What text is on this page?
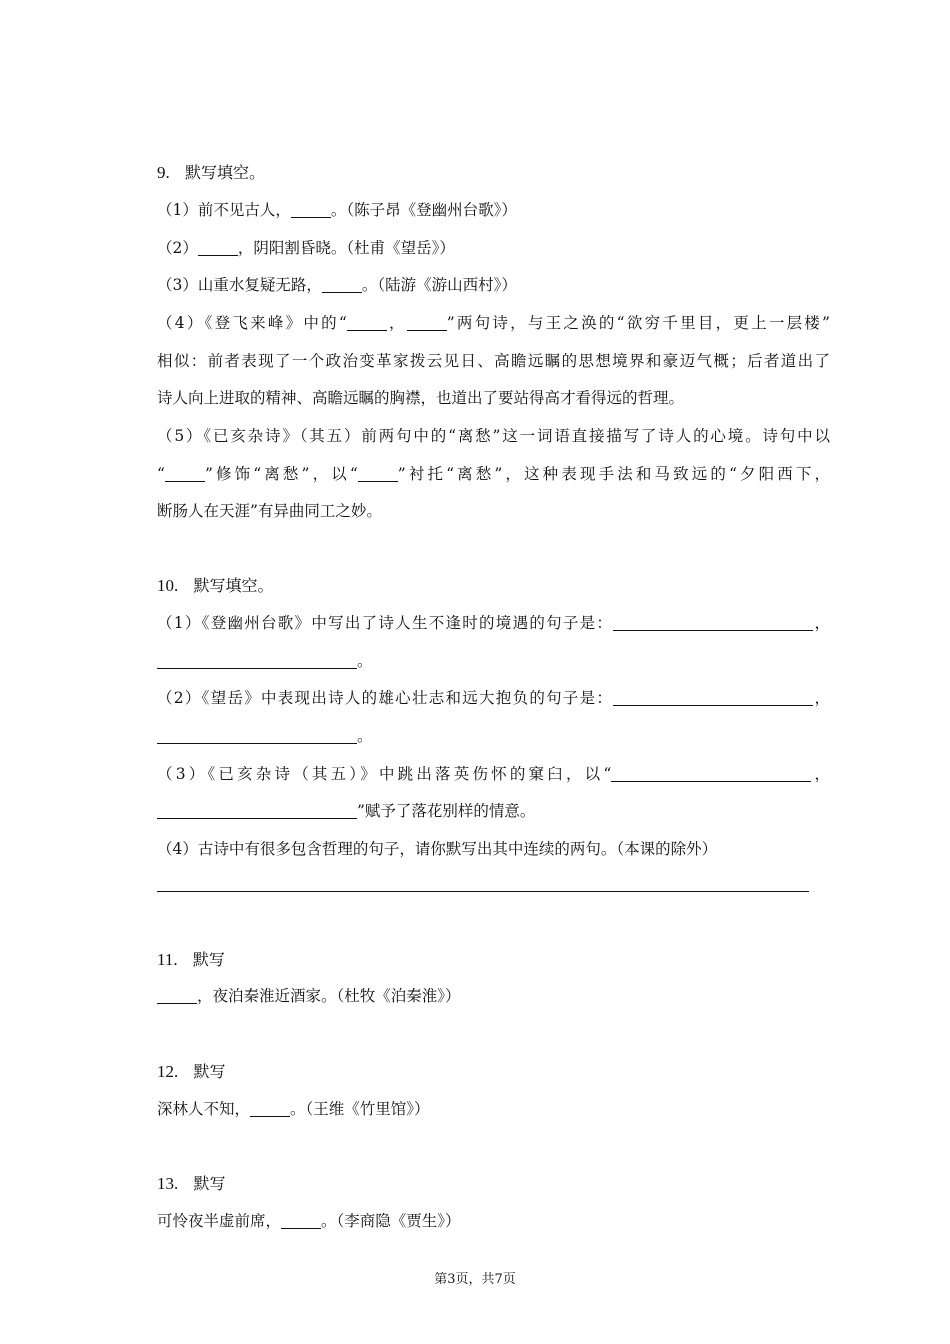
9. 默写填空。
（1）前不见古人，	。（陈子昂《登幽州台歌》）
（2）	，阴阳割昏晓。（杜甫《望岳》）
（3）山重水复疑无路，	。（陆游《游山西村》）
（4）《登飞来峰》中的“	，	”两句诗，与王之涣的“欲穷千里目，更上一层楼”
相似：前者表现了一个政治变革家拨云见日、高瞻远瞩的思想境界和豪迈气概；后者道出了
诗人向上进取的精神、高瞻远瞩的胸襟，也道出了要站得高才看得远的哲理。
（5）《已亥杂诗》（其五）前两句中的“离愁”这一词语直接描写了诗人的心境。诗句中以
“	”修饰“离愁”，以“	”衬托“离愁”，这种表现手法和马致远的“夕阳西下，
断肠人在天涯”有异曲同工之妙。
10. 默写填空。
（1）《登幽州台歌》中写出了诗人生不逢时的境遇的句子是：	，
。
（2）《望岳》中表现出诗人的雄心壮志和远大抱负的句子是：	，
。
（3）《已亥杂诗（其五）》中跳出落英伤怀的窠臼，以“	，
”赋予了落花别样的情意。
（4）古诗中有很多包含哲理的句子，请你默写出其中连续的两句。（本课的除外）
11. 默写
，夜泊秦淮近酒家。（杜牧《泊秦淮》）
12. 默写
深林人不知，	。（王维《竹里馆》）
13. 默写
可怜夜半虚前席，	。（李商隐《贾生》）
第3页，共7页
